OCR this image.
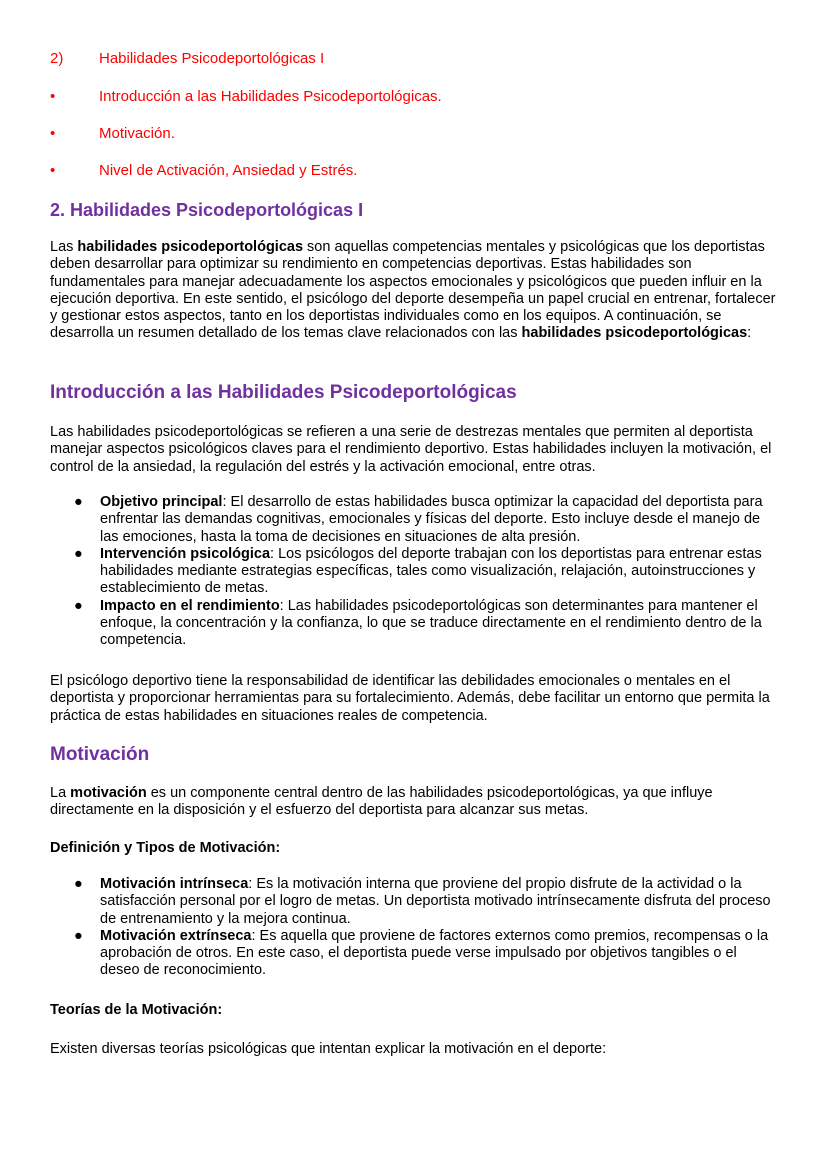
2) Habilidades Psicodeportológicas I
•	Introducción a las Habilidades Psicodeportológicas.
•	Motivación.
•	Nivel de Activación, Ansiedad y Estrés.
2. Habilidades Psicodeportológicas I

Las habilidades psicodeportológicas son aquellas competencias mentales y psicológicas que los deportistas deben desarrollar para optimizar su rendimiento en competencias deportivas. Estas habilidades son fundamentales para manejar adecuadamente los aspectos emocionales y psicológicos que pueden influir en la ejecución deportiva. En este sentido, el psicólogo del deporte desempeña un papel crucial en entrenar, fortalecer y gestionar estos aspectos, tanto en los deportistas individuales como en los equipos. A continuación, se desarrolla un resumen detallado de los temas clave relacionados con las habilidades psicodeportológicas:

Introducción a las Habilidades Psicodeportológicas

Las habilidades psicodeportológicas se refieren a una serie de destrezas mentales que permiten al deportista manejar aspectos psicológicos claves para el rendimiento deportivo. Estas habilidades incluyen la motivación, el control de la ansiedad, la regulación del estrés y la activación emocional, entre otras.

● Objetivo principal: El desarrollo de estas habilidades busca optimizar la capacidad del deportista para enfrentar las demandas cognitivas, emocionales y físicas del deporte. Esto incluye desde el manejo de las emociones, hasta la toma de decisiones en situaciones de alta presión.
● Intervención psicológica: Los psicólogos del deporte trabajan con los deportistas para entrenar estas habilidades mediante estrategias específicas, tales como visualización, relajación, autoinstrucciones y establecimiento de metas.
● Impacto en el rendimiento: Las habilidades psicodeportológicas son determinantes para mantener el enfoque, la concentración y la confianza, lo que se traduce directamente en el rendimiento dentro de la competencia.

El psicólogo deportivo tiene la responsabilidad de identificar las debilidades emocionales o mentales en el deportista y proporcionar herramientas para su fortalecimiento. Además, debe facilitar un entorno que permita la práctica de estas habilidades en situaciones reales de competencia.

Motivación

La motivación es un componente central dentro de las habilidades psicodeportológicas, ya que influye directamente en la disposición y el esfuerzo del deportista para alcanzar sus metas.

Definición y Tipos de Motivación:

● Motivación intrínseca: Es la motivación interna que proviene del propio disfrute de la actividad o la satisfacción personal por el logro de metas. Un deportista motivado intrínsecamente disfruta del proceso de entrenamiento y la mejora continua.
● Motivación extrínseca: Es aquella que proviene de factores externos como premios, recompensas o la aprobación de otros. En este caso, el deportista puede verse impulsado por objetivos tangibles o el deseo de reconocimiento.

Teorías de la Motivación:

Existen diversas teorías psicológicas que intentan explicar la motivación en el deporte:
